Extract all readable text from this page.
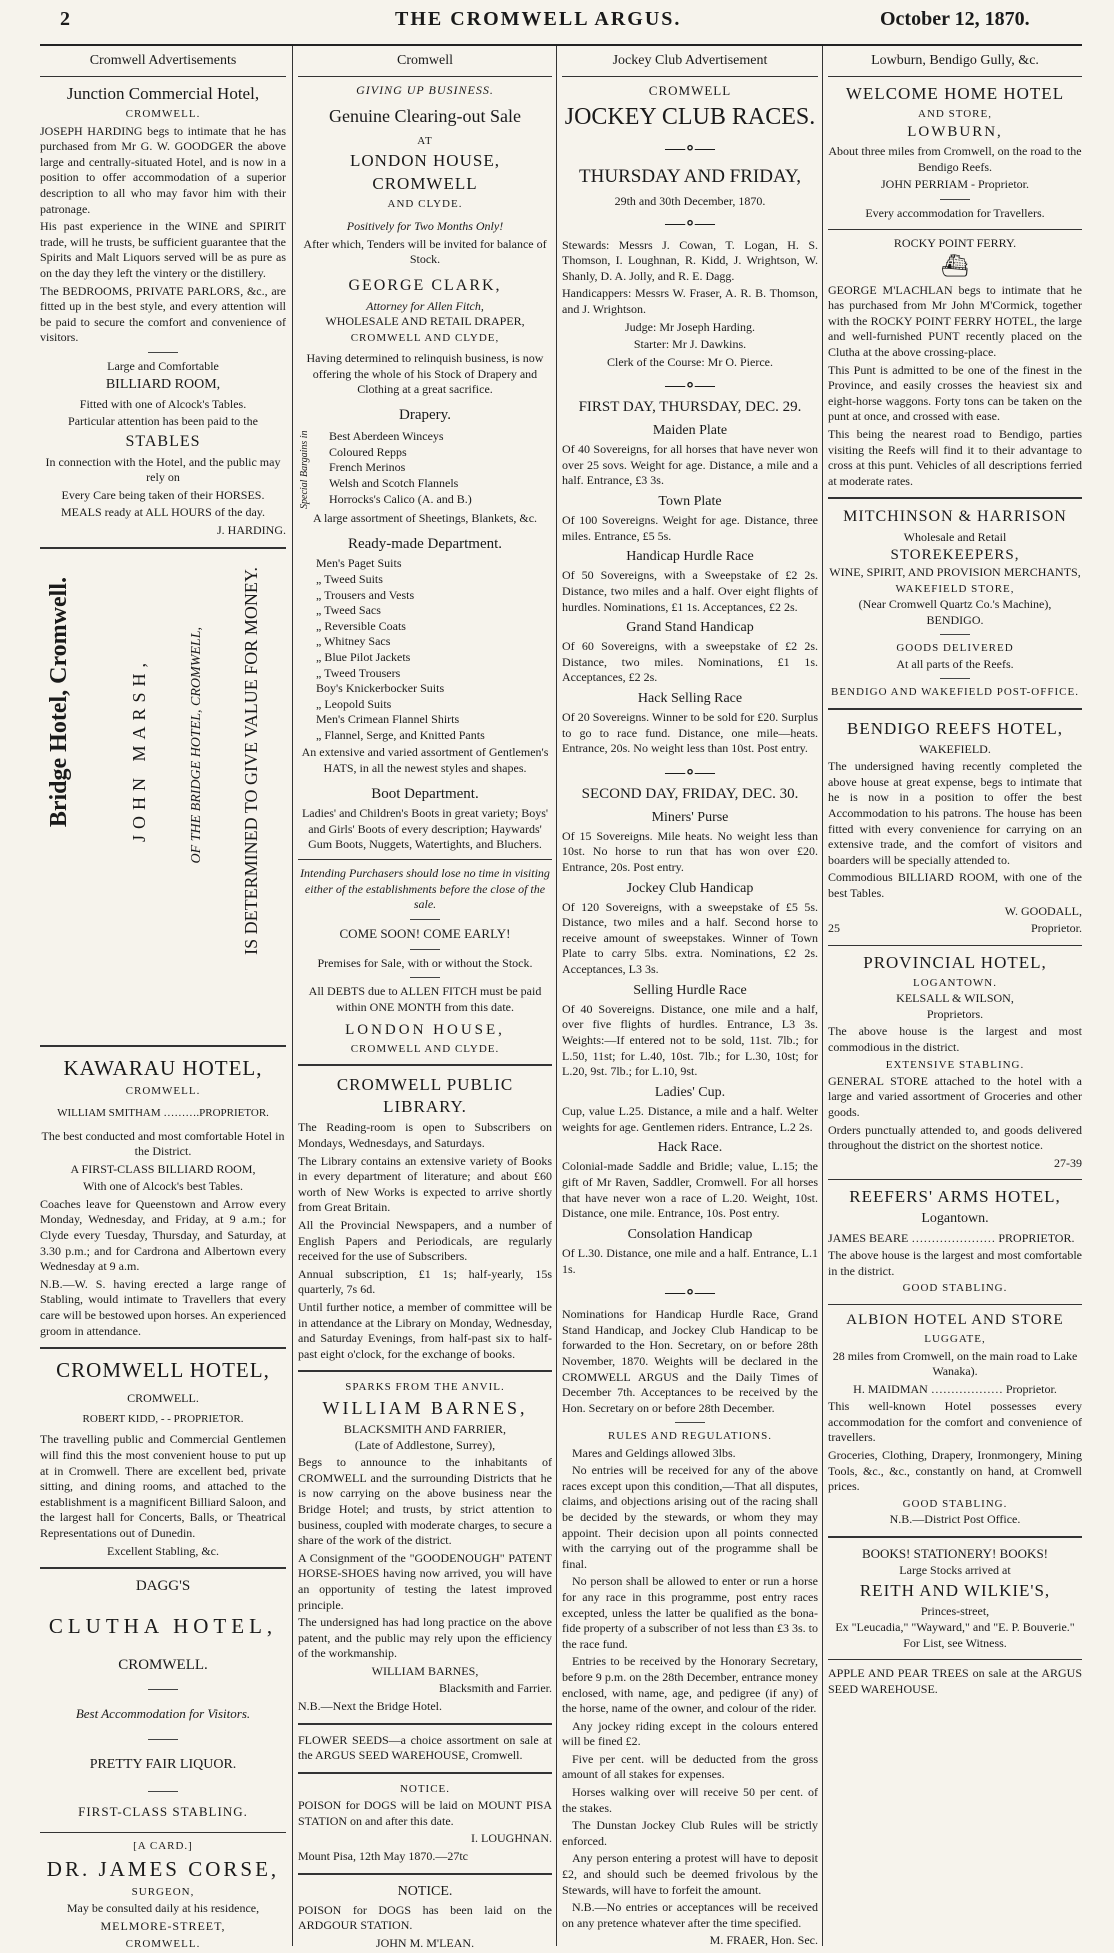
2	THE CROMWELL ARGUS.	October 12, 1870.
Cromwell Advertisements
Junction Commercial Hotel,
CROMWELL.

JOSEPH HARDING begs to intimate that he has purchased from Mr G. W. GOODGER the above large and centrally-situated Hotel, and is now in a position to offer accommodation of a superior description to all who may favor him with their patronage.

His past experience in the WINE and SPIRIT trade, will he trusts, be sufficient guarantee that the Spirits and Malt Liquors served will be as pure as on the day they left the vintery or the distillery.

The BEDROOMS, PRIVATE PARLORS, &c., are fitted up in the best style, and every attention will be paid to secure the comfort and convenience of visitors.

Large and Comfortable

BILLIARD ROOM,

Fitted with one of Alcock's Tables.

Particular attention has been paid to the

STABLES

In connection with the Hotel, and the public may rely on

Every Care being taken of their HORSES.

MEALS ready at ALL HOURS of the day.

J. HARDING.

Bridge Hotel, Cromwell.	JOHN MARSH,	OF THE BRIDGE HOTEL, CROMWELL, IS DETERMINED TO GIVE VALUE FOR MONEY.
KAWARAU HOTEL,
CROMWELL.

WILLIAM SMITHAM ……….PROPRIETOR.

The best conducted and most comfortable Hotel in the District.

A FIRST-CLASS BILLIARD ROOM,

With one of Alcock's best Tables.

Coaches leave for Queenstown and Arrow every Monday, Wednesday, and Friday, at 9 a.m.; for Clyde every Tuesday, Thursday, and Saturday, at 3.30 p.m.; and for Cardrona and Albertown every Wednesday at 9 a.m.

N.B.—W. S. having erected a large range of Stabling, would intimate to Travellers that every care will be bestowed upon horses. An experienced groom in attendance.

CROMWELL HOTEL,
CROMWELL.

ROBERT KIDD, - - PROPRIETOR.

The travelling public and Commercial Gentlemen will find this the most convenient house to put up at in Cromwell. There are excellent bed, private sitting, and dining rooms, and attached to the establishment is a magnificent Billiard Saloon, and the largest hall for Concerts, Balls, or Theatrical Representations out of Dunedin.

Excellent Stabling, &c.

DAGG'S
CLUTHA HOTEL,
CROMWELL.

Best Accommodation for Visitors.

PRETTY FAIR LIQUOR.

FIRST-CLASS STABLING.

[A CARD.]
DR. JAMES CORSE,
SURGEON,

May be consulted daily at his residence,

MELMORE-STREET,

CROMWELL.
Cromwell
GIVING UP BUSINESS.
Genuine Clearing-out Sale
AT
LONDON HOUSE, CROMWELL
AND CLYDE.

Positively for Two Months Only!

After which, Tenders will be invited for balance of Stock.

GEORGE CLARK,
Attorney for Allen Fitch,
WHOLESALE AND RETAIL DRAPER,
CROMWELL AND CLYDE,

Having determined to relinquish business, is now offering the whole of his Stock of Drapery and Clothing at a great sacrifice.

Drapery.
Special Bargains in Best Aberdeen Winceys
Coloured Repps
French Merinos
Welsh and Scotch Flannels
Horrocks's Calico (A. and B.)

A large assortment of Sheetings, Blankets, &c.

Ready-made Department.
Men's Paget Suits
„ Tweed Suits
„ Trousers and Vests
„ Tweed Sacs
„ Reversible Coats
„ Whitney Sacs
„ Blue Pilot Jackets
„ Tweed Trousers
Boy's Knickerbocker Suits
„ Leopold Suits
Men's Crimean Flannel Shirts
„ Flannel, Serge, and Knitted Pants

An extensive and varied assortment of Gentlemen's HATS, in all the newest styles and shapes.

Boot Department.

Ladies' and Children's Boots in great variety; Boys' and Girls' Boots of every description; Haywards' Gum Boots, Nuggets, Watertights, and Bluchers.

Intending Purchasers should lose no time in visiting either of the establishments before the close of the sale.

COME SOON! COME EARLY!

Premises for Sale, with or without the Stock.

All DEBTS due to ALLEN FITCH must be paid within ONE MONTH from this date.

LONDON HOUSE,
CROMWELL AND CLYDE.
CROMWELL PUBLIC LIBRARY.

The Reading-room is open to Subscribers on Mondays, Wednesdays, and Saturdays.

The Library contains an extensive variety of Books in every department of literature; and about £60 worth of New Works is expected to arrive shortly from Great Britain.

All the Provincial Newspapers, and a number of English Papers and Periodicals, are regularly received for the use of Subscribers.

Annual subscription, £1 1s; half-yearly, 15s quarterly, 7s 6d.

Until further notice, a member of committee will be in attendance at the Library on Monday, Wednesday, and Saturday Evenings, from half-past six to half-past eight o'clock, for the exchange of books.

SPARKS FROM THE ANVIL.
WILLIAM BARNES,
BLACKSMITH AND FARRIER,
(Late of Addlestone, Surrey),

Begs to announce to the inhabitants of CROMWELL and the surrounding Districts that he is now carrying on the above business near the Bridge Hotel; and trusts, by strict attention to business, coupled with moderate charges, to secure a share of the work of the district.

A Consignment of the "GOODENOUGH" PATENT HORSE-SHOES having now arrived, you will have an opportunity of testing the latest improved principle.

The undersigned has had long practice on the above patent, and the public may rely upon the efficiency of the workmanship.

WILLIAM BARNES,

Blacksmith and Farrier.

N.B.—Next the Bridge Hotel.

FLOWER SEEDS—a choice assortment on sale at the ARGUS SEED WAREHOUSE, Cromwell.

NOTICE.

POISON for DOGS will be laid on MOUNT PISA STATION on and after this date.

I. LOUGHNAN.

Mount Pisa, 12th May 1870.—27tc

NOTICE.

POISON for DOGS has been laid on the ARDGOUR STATION.

JOHN M. M'LEAN.

Jockey Club Advertisement
CROMWELL
JOCKEY CLUB RACES.
—∘—
THURSDAY AND FRIDAY,
29th and 30th December, 1870.
—∘—

Stewards: Messrs J. Cowan, T. Logan, H. S. Thomson, I. Loughnan, R. Kidd, J. Wrightson, W. Shanly, D. A. Jolly, and R. E. Dagg.

Handicappers: Messrs W. Fraser, A. R. B. Thomson, and J. Wrightson.

Judge: Mr Joseph Harding.

Starter: Mr J. Dawkins.

Clerk of the Course: Mr O. Pierce.

—∘—
FIRST DAY, THURSDAY, DEC. 29.
Maiden Plate

Of 40 Sovereigns, for all horses that have never won over 25 sovs. Weight for age. Distance, a mile and a half. Entrance, £3 3s.

Town Plate

Of 100 Sovereigns. Weight for age. Distance, three miles. Entrance, £5 5s.

Handicap Hurdle Race

Of 50 Sovereigns, with a Sweepstake of £2 2s. Distance, two miles and a half. Over eight flights of hurdles. Nominations, £1 1s. Acceptances, £2 2s.

Grand Stand Handicap

Of 60 Sovereigns, with a sweepstake of £2 2s. Distance, two miles. Nominations, £1 1s. Acceptances, £2 2s.

Hack Selling Race

Of 20 Sovereigns. Winner to be sold for £20. Surplus to go to race fund. Distance, one mile—heats. Entrance, 20s. No weight less than 10st. Post entry.

—∘—
SECOND DAY, FRIDAY, DEC. 30.
Miners' Purse

Of 15 Sovereigns. Mile heats. No weight less than 10st. No horse to run that has won over £20. Entrance, 20s. Post entry.

Jockey Club Handicap

Of 120 Sovereigns, with a sweepstake of £5 5s. Distance, two miles and a half. Second horse to receive amount of sweepstakes. Winner of Town Plate to carry 5lbs. extra. Nominations, £2 2s. Acceptances, L3 3s.

Selling Hurdle Race

Of 40 Sovereigns. Distance, one mile and a half, over five flights of hurdles. Entrance, L3 3s. Weights:—If entered not to be sold, 11st. 7lb.; for L.50, 11st; for L.40, 10st. 7lb.; for L.30, 10st; for L.20, 9st. 7lb.; for L.10, 9st.

Ladies' Cup.

Cup, value L.25. Distance, a mile and a half. Welter weights for age. Gentlemen riders. Entrance, L.2 2s.

Hack Race.

Colonial-made Saddle and Bridle; value, L.15; the gift of Mr Raven, Saddler, Cromwell. For all horses that have never won a race of L.20. Weight, 10st. Distance, one mile. Entrance, 10s. Post entry.

Consolation Handicap

Of L.30. Distance, one mile and a half. Entrance, L.1 1s.

—∘—

Nominations for Handicap Hurdle Race, Grand Stand Handicap, and Jockey Club Handicap to be forwarded to the Hon. Secretary, on or before 28th November, 1870. Weights will be declared in the CROMWELL ARGUS and the Daily Times of December 7th. Acceptances to be received by the Hon. Secretary on or before 28th December.

RULES AND REGULATIONS.

Mares and Geldings allowed 3lbs.

No entries will be received for any of the above races except upon this condition,—That all disputes, claims, and objections arising out of the racing shall be decided by the stewards, or whom they may appoint. Their decision upon all points connected with the carrying out of the programme shall be final.

No person shall be allowed to enter or run a horse for any race in this programme, post entry races excepted, unless the latter be qualified as the bona-fide property of a subscriber of not less than £3 3s. to the race fund.

Entries to be received by the Honorary Secretary, before 9 p.m. on the 28th December, entrance money enclosed, with name, age, and pedigree (if any) of the horse, name of the owner, and colour of the rider.

Any jockey riding except in the colours entered will be fined £2.

Five per cent. will be deducted from the gross amount of all stakes for expenses.

Horses walking over will receive 50 per cent. of the stakes.

The Dunstan Jockey Club Rules will be strictly enforced.

Any person entering a protest will have to deposit £2, and should such be deemed frivolous by the Stewards, will have to forfeit the amount.

N.B.—No entries or acceptances will be received on any pretence whatever after the time specified.

M. FRAER, Hon. Sec.

Lowburn, Bendigo Gully, &c.
WELCOME HOME HOTEL
AND STORE,
LOWBURN,

About three miles from Cromwell, on the road to the Bendigo Reefs.

JOHN PERRIAM - Proprietor.

Every accommodation for Travellers.

ROCKY POINT FERRY.
⛴

GEORGE M'LACHLAN begs to intimate that he has purchased from Mr John M'Cormick, together with the ROCKY POINT FERRY HOTEL, the large and well-furnished PUNT recently placed on the Clutha at the above crossing-place.

This Punt is admitted to be one of the finest in the Province, and easily crosses the heaviest six and eight-horse waggons. Forty tons can be taken on the punt at once, and crossed with ease.

This being the nearest road to Bendigo, parties visiting the Reefs will find it to their advantage to cross at this punt. Vehicles of all descriptions ferried at moderate rates.

MITCHINSON & HARRISON
Wholesale and Retail
STOREKEEPERS,
WINE, SPIRIT, AND PROVISION MERCHANTS,
WAKEFIELD STORE,
(Near Cromwell Quartz Co.'s Machine),
BENDIGO.
GOODS DELIVERED
At all parts of the Reefs.
BENDIGO AND WAKEFIELD POST-OFFICE.
BENDIGO REEFS HOTEL,
WAKEFIELD.

The undersigned having recently completed the above house at great expense, begs to intimate that he is now in a position to offer the best Accommodation to his patrons. The house has been fitted with every convenience for carrying on an extensive trade, and the comfort of visitors and boarders will be specially attended to.

Commodious BILLIARD ROOM, with one of the best Tables.

W. GOODALL,

25	Proprietor.

PROVINCIAL HOTEL,
LOGANTOWN.
KELSALL & WILSON,
Proprietors.

The above house is the largest and most commodious in the district.

EXTENSIVE STABLING.

GENERAL STORE attached to the hotel with a large and varied assortment of Groceries and other goods.

Orders punctually attended to, and goods delivered throughout the district on the shortest notice.

27-39

REEFERS' ARMS HOTEL,
Logantown.

JAMES BEARE ………………… PROPRIETOR.

The above house is the largest and most comfortable in the district.

GOOD STABLING.
ALBION HOTEL AND STORE
LUGGATE,

28 miles from Cromwell, on the main road to Lake Wanaka).

H. MAIDMAN ……………… Proprietor.

This well-known Hotel possesses every accommodation for the comfort and convenience of travellers.

Groceries, Clothing, Drapery, Ironmongery, Mining Tools, &c., &c., constantly on hand, at Cromwell prices.

GOOD STABLING.
N.B.—District Post Office.
BOOKS! STATIONERY! BOOKS!
Large Stocks arrived at
REITH AND WILKIE'S,
Princes-street,
Ex "Leucadia," "Wayward," and "E. P. Bouverie."
For List, see Witness.

APPLE AND PEAR TREES on sale at the ARGUS SEED WAREHOUSE.
